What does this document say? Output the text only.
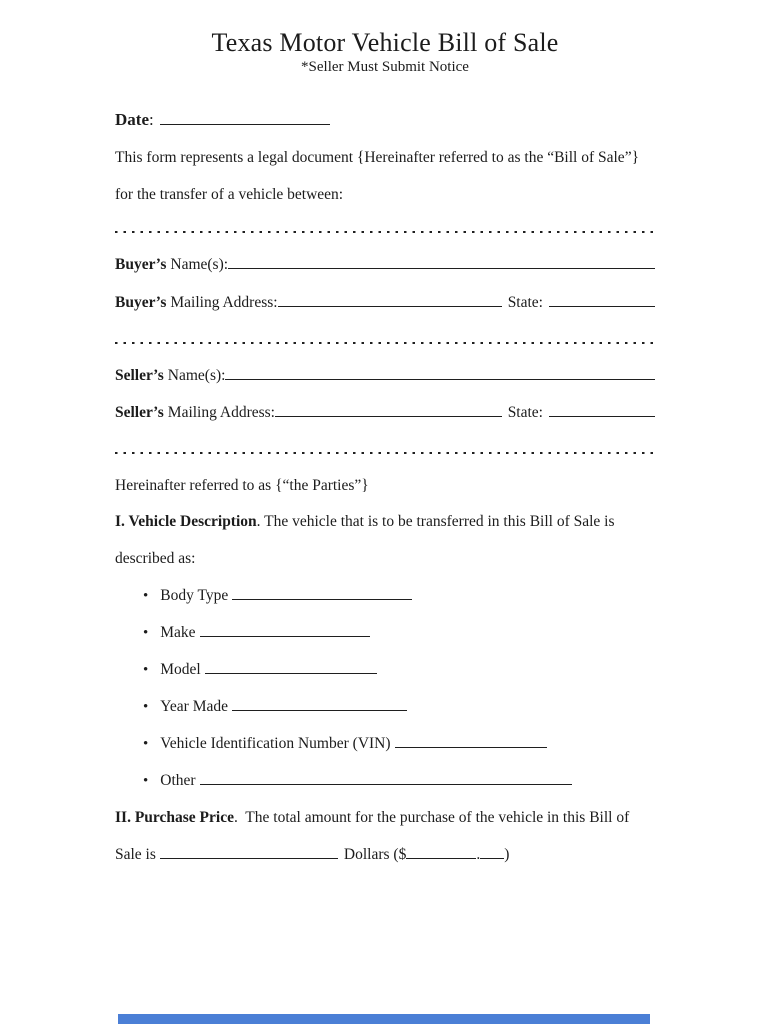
Texas Motor Vehicle Bill of Sale
*Seller Must Submit Notice
Date :
This form represents a legal document {Hereinafter referred to as the “Bill of Sale”}
for the transfer of a vehicle between:
Buyer’s Name(s):
Buyer’s Mailing Address:	State:
Seller’s Name(s):
Seller’s Mailing Address:	State:
Hereinafter referred to as {“the Parties”}
I. Vehicle Description . The vehicle that is to be transferred in this Bill of Sale is
described as:
• Body Type
• Make
• Model
• Year Made
• Vehicle Identification Number (VIN)
• Other
II. Purchase Price .  The total amount for the purchase of the vehicle in this Bill of
Sale is	Dollars ($	. )
